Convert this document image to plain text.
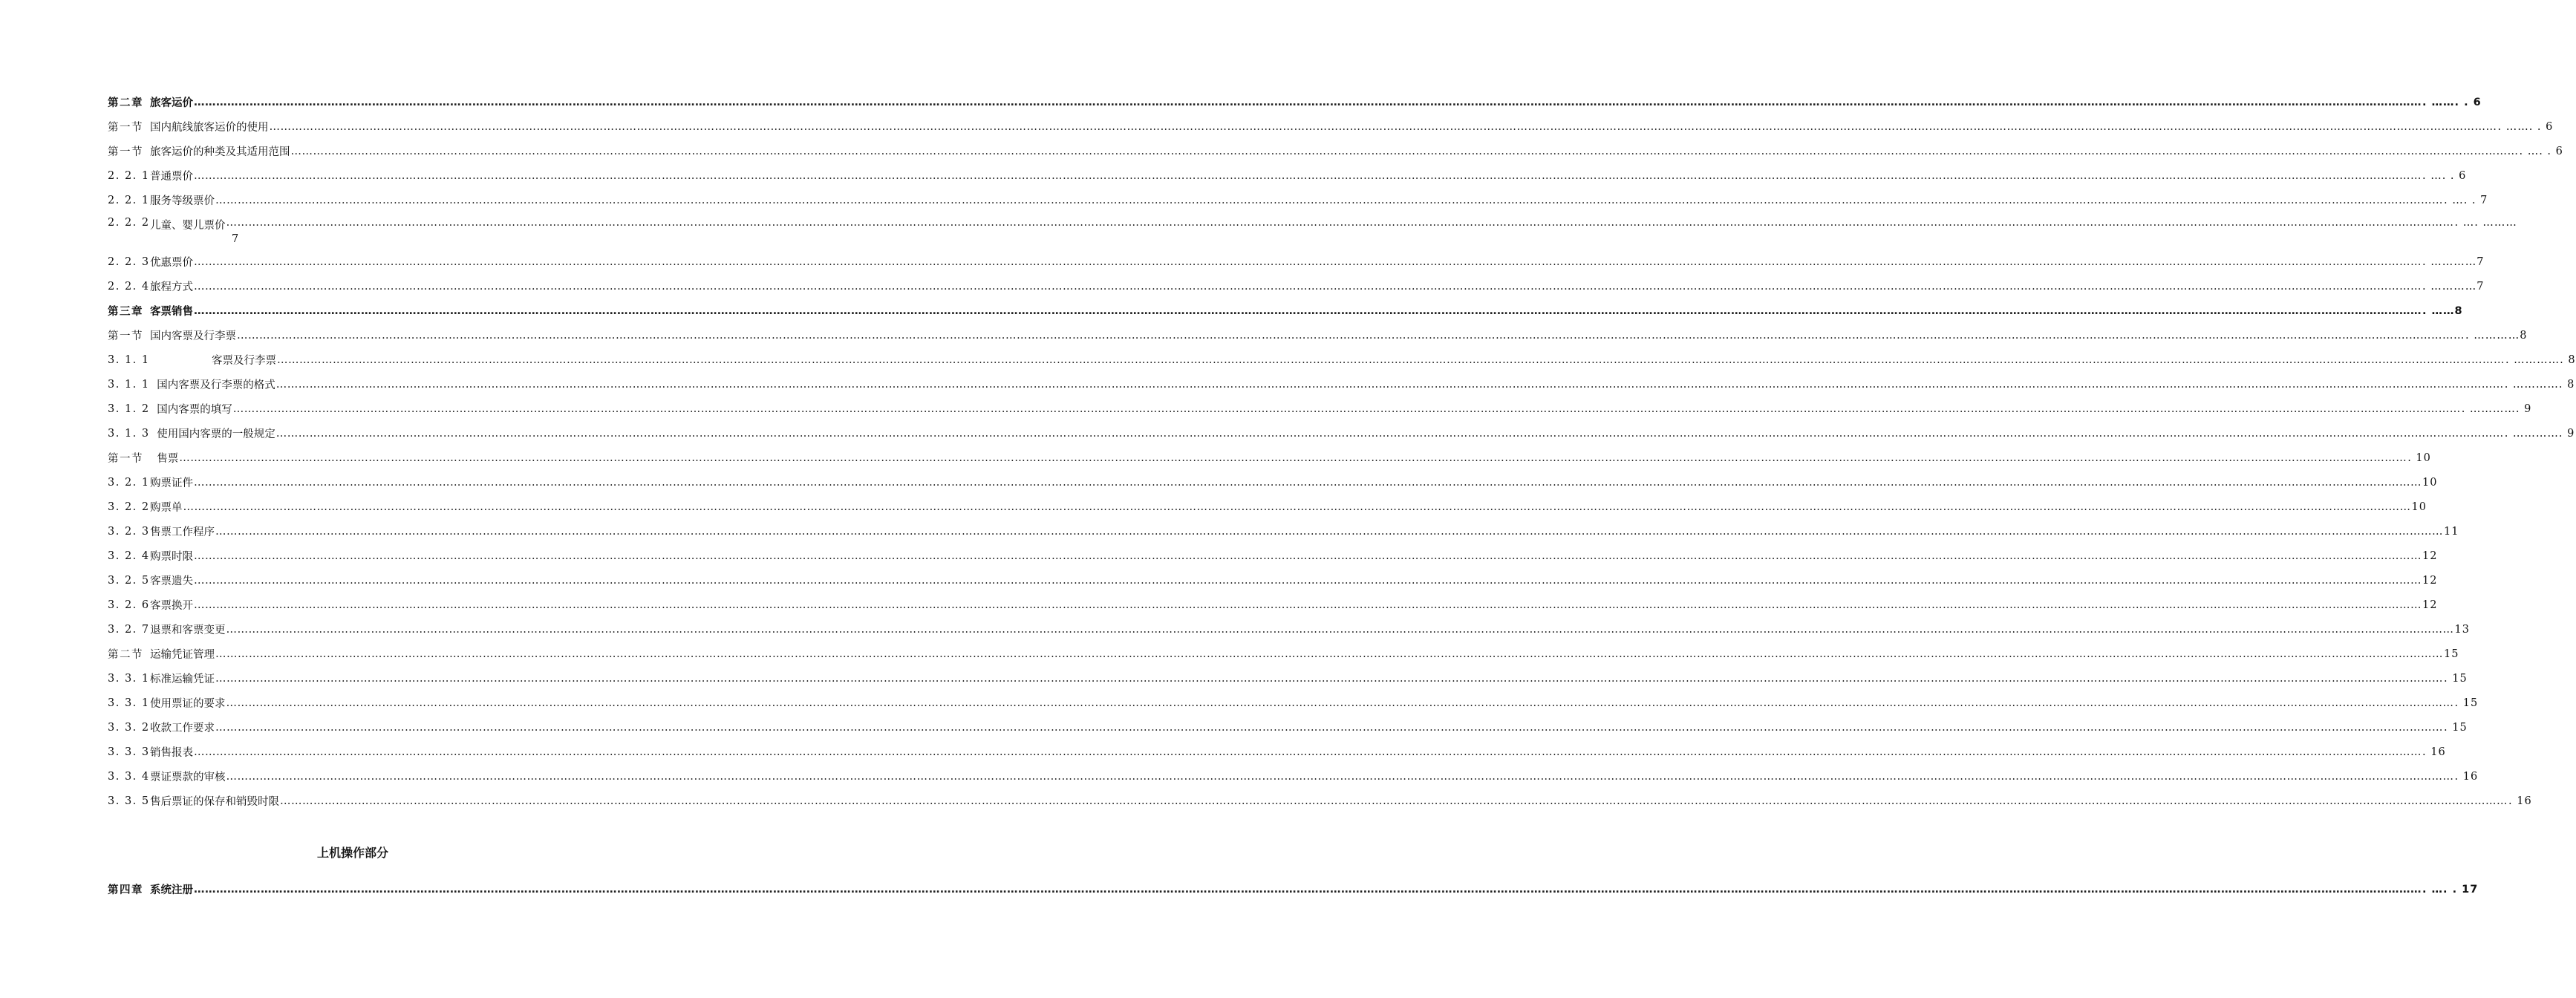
第二章 旅客运价 …………………………………………………………………………………………………………………………………………………………………………………………………………………………………………………………………………………………………………………………………………………………………………………………………………………………………………………………………………………………………………………………………………………… . ……. . 6
第一节 国内航线旅客运价的使用 …………………………………………………………………………………………………………………………………………………………………………………………………………………………………………………………………………………………………………………………………………………………………………………………………………………………………………………………………………………………………………………………………………………… . ……. . 6
第一节 旅客运价的种类及其适用范围 …………………………………………………………………………………………………………………………………………………………………………………………………………………………………………………………………………………………………………………………………………………………………………………………………………………………………………………………………………………………………………………………………………………… . …. . 6
2. 2. 1 普通票价 …………………………………………………………………………………………………………………………………………………………………………………………………………………………………………………………………………………………………………………………………………………………………………………………………………………………………………………………………………………………………………………………………………………… . …. . 6
2. 2. 1 服务等级票价 …………………………………………………………………………………………………………………………………………………………………………………………………………………………………………………………………………………………………………………………………………………………………………………………………………………………………………………………………………………………………………………………………………………… . …. . 7
2. 2. 2 儿童、婴儿票价 …………………………………………………………………………………………………………………………………………………………………………………………………………………………………………………………………………………………………………………………………………………………………………………………………………………………………………………………………………………………………………………………………………………… . …. ………
7
2. 2. 3 优惠票价 …………………………………………………………………………………………………………………………………………………………………………………………………………………………………………………………………………………………………………………………………………………………………………………………………………………………………………………………………………………………………………………………………………………… . …………7
2. 2. 4 旅程方式 …………………………………………………………………………………………………………………………………………………………………………………………………………………………………………………………………………………………………………………………………………………………………………………………………………………………………………………………………………………………………………………………………………………… . …………7
第三章 客票销售 …………………………………………………………………………………………………………………………………………………………………………………………………………………………………………………………………………………………………………………………………………………………………………………………………………………………………………………………………………………………………………………………………………………… . ……8
第一节 国内客票及行李票 …………………………………………………………………………………………………………………………………………………………………………………………………………………………………………………………………………………………………………………………………………………………………………………………………………………………………………………………………………………………………………………………………………………… . …………8
3. 1. 1 客票及行李票 …………………………………………………………………………………………………………………………………………………………………………………………………………………………………………………………………………………………………………………………………………………………………………………………………………………………………………………………………………………………………………………………………………………… . …………. 8
3. 1. 1 国内客票及行李票的格式 …………………………………………………………………………………………………………………………………………………………………………………………………………………………………………………………………………………………………………………………………………………………………………………………………………………………………………………………………………………………………………………………………………………… . …………. 8
3. 1. 2 国内客票的填写 …………………………………………………………………………………………………………………………………………………………………………………………………………………………………………………………………………………………………………………………………………………………………………………………………………………………………………………………………………………………………………………………………………………… . …………. 9
3. 1. 3 使用国内客票的一般规定 …………………………………………………………………………………………………………………………………………………………………………………………………………………………………………………………………………………………………………………………………………………………………………………………………………………………………………………………………………………………………………………………………………………… . …………. 9
第一节 售票 …………………………………………………………………………………………………………………………………………………………………………………………………………………………………………………………………………………………………………………………………………………………………………………………………………………………………………………………………………………………………………………………………………………… . 10
3. 2. 1 购票证件 …………………………………………………………………………………………………………………………………………………………………………………………………………………………………………………………………………………………………………………………………………………………………………………………………………………………………………………………………………………………………………………………………………………… 10
3. 2. 2 购票单 …………………………………………………………………………………………………………………………………………………………………………………………………………………………………………………………………………………………………………………………………………………………………………………………………………………………………………………………………………………………………………………………………………………… 10
3. 2. 3 售票工作程序 …………………………………………………………………………………………………………………………………………………………………………………………………………………………………………………………………………………………………………………………………………………………………………………………………………………………………………………………………………………………………………………………………………………… 11
3. 2. 4 购票时限 …………………………………………………………………………………………………………………………………………………………………………………………………………………………………………………………………………………………………………………………………………………………………………………………………………………………………………………………………………………………………………………………………………………… 12
3. 2. 5 客票遗失 …………………………………………………………………………………………………………………………………………………………………………………………………………………………………………………………………………………………………………………………………………………………………………………………………………………………………………………………………………………………………………………………………………………… 12
3. 2. 6 客票换开 …………………………………………………………………………………………………………………………………………………………………………………………………………………………………………………………………………………………………………………………………………………………………………………………………………………………………………………………………………………………………………………………………………………… 12
3. 2. 7 退票和客票变更 …………………………………………………………………………………………………………………………………………………………………………………………………………………………………………………………………………………………………………………………………………………………………………………………………………………………………………………………………………………………………………………………………………………… 13
第二节 运输凭证管理 …………………………………………………………………………………………………………………………………………………………………………………………………………………………………………………………………………………………………………………………………………………………………………………………………………………………………………………………………………………………………………………………………………………… 15
3. 3. 1 标准运输凭证 …………………………………………………………………………………………………………………………………………………………………………………………………………………………………………………………………………………………………………………………………………………………………………………………………………………………………………………………………………………………………………………………………………………… . 15
3. 3. 1 使用票证的要求 …………………………………………………………………………………………………………………………………………………………………………………………………………………………………………………………………………………………………………………………………………………………………………………………………………………………………………………………………………………………………………………………………………………… . 15
3. 3. 2 收款工作要求 …………………………………………………………………………………………………………………………………………………………………………………………………………………………………………………………………………………………………………………………………………………………………………………………………………………………………………………………………………………………………………………………………………………… . 15
3. 3. 3 销售报表 …………………………………………………………………………………………………………………………………………………………………………………………………………………………………………………………………………………………………………………………………………………………………………………………………………………………………………………………………………………………………………………………………………………… . 16
3. 3. 4 票证票款的审核 …………………………………………………………………………………………………………………………………………………………………………………………………………………………………………………………………………………………………………………………………………………………………………………………………………………………………………………………………………………………………………………………………………………… . 16
3. 3. 5 售后票证的保存和销毁时限 …………………………………………………………………………………………………………………………………………………………………………………………………………………………………………………………………………………………………………………………………………………………………………………………………………………………………………………………………………………………………………………………………………………… . 16
上机操作部分
第四章 系统注册 …………………………………………………………………………………………………………………………………………………………………………………………………………………………………………………………………………………………………………………………………………………………………………………………………………………………………………………………………………………………………………………………………………………… . …. . 17
